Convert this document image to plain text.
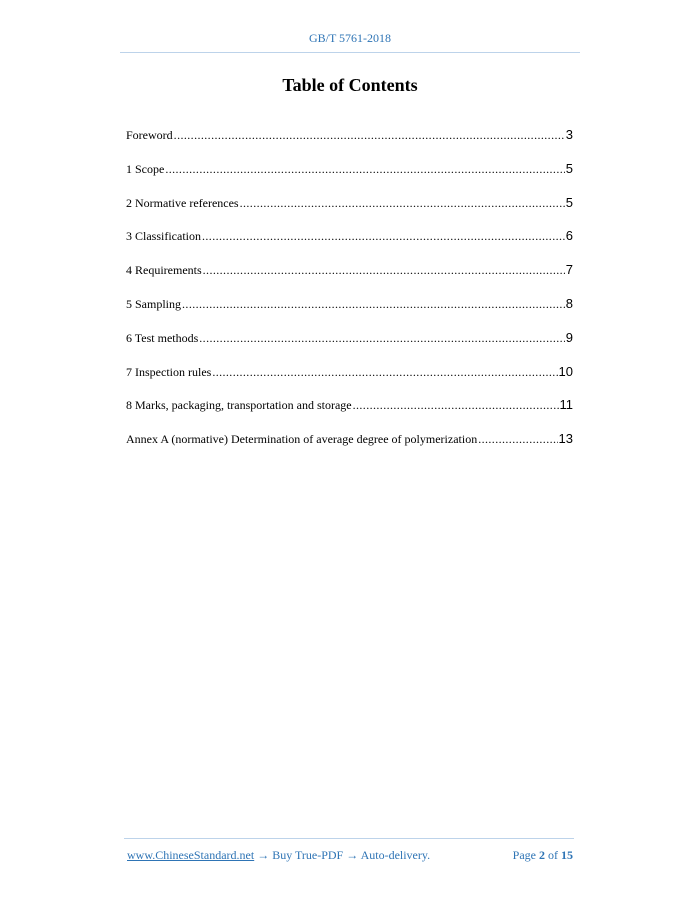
GB/T 5761-2018
Table of Contents
Foreword .....	3
1 Scope .....	5
2 Normative references .....	5
3 Classification .....	6
4 Requirements .....	7
5 Sampling .....	8
6 Test methods .....	9
7 Inspection rules .....	10
8 Marks, packaging, transportation and storage .....	11
Annex A (normative) Determination of average degree of polymerization .....	13
www.ChineseStandard.net → Buy True-PDF → Auto-delivery.	Page 2 of 15
